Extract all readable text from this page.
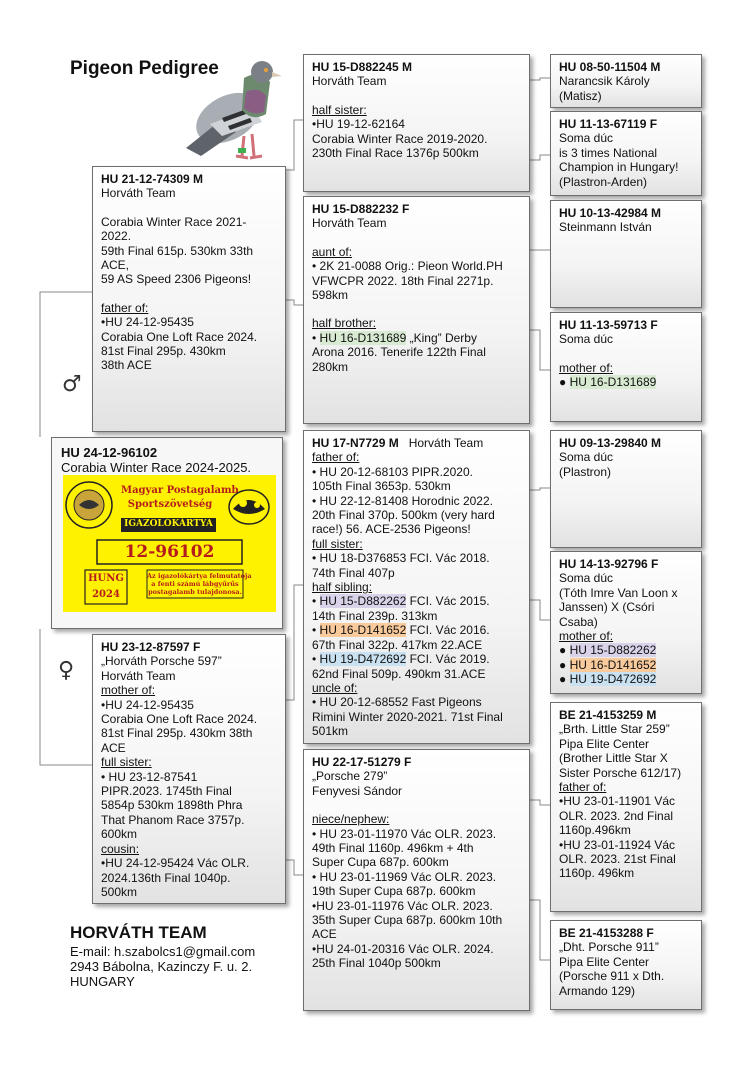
Pigeon Pedigree
HU 21-12-74309 M
Horváth Team
Corabia Winter Race 2021-
2022.
59th Final 615p. 530km 33th
ACE,
59 AS Speed 2306 Pigeons!
father of:
•HU 24-12-95435
Corabia One Loft Race 2024.
81st Final 295p. 430km
38th ACE
♂
HU 24-12-96102
Corabia Winter Race 2024-2025.
Magyar Postagalamb
Sportszövetség
IGAZOLÓKÁRTYA
12-96102
HUNG
2024
Az igazolókártya felmutatója
a fenti számú lábgyűrűs
postagalamb tulajdonosa.
♀
HU 23-12-87597 F
„Horváth Porsche 597”
Horváth Team
mother of:
•HU 24-12-95435
Corabia One Loft Race 2024.
81st Final 295p. 430km 38th
ACE
full sister:
• HU 23-12-87541
PIPR.2023. 1745th Final
5854p 530km 1898th Phra
That Phanom Race 3757p.
600km
cousin:
•HU 24-12-95424 Vác OLR.
2024.136th Final 1040p.
500km
HU 15-D882245 M
Horváth Team
half sister:
•HU 19-12-62164
Corabia Winter Race 2019-2020.
230th Final Race 1376p 500km
HU 15-D882232 F
Horváth Team
aunt of:
• 2K 21-0088 Orig.: Pieon World.PH
VFWCPR 2022. 18th Final 2271p.
598km
half brother:
• HU 16-D131689 „King” Derby
Arona 2016. Tenerife 122th Final
280km
HU 17-N7729 M Horváth Team
father of:
• HU 20-12-68103 PIPR.2020.
105th Final 3653p. 530km
• HU 22-12-81408 Horodnic 2022.
20th Final 370p. 500km (very hard
race!) 56. ACE-2536 Pigeons!
full sister:
• HU 18-D376853 FCI. Vác 2018.
74th Final 407p
half sibling:
• HU 15-D882262 FCI. Vác 2015.
14th Final 239p. 313km
• HU 16-D141652 FCI. Vác 2016.
67th Final 322p. 417km 22.ACE
• HU 19-D472692 FCI. Vác 2019.
62nd Final 509p. 490km 31.ACE
uncle of:
• HU 20-12-68552 Fast Pigeons
Rimini Winter 2020-2021. 71st Final
501km
HU 22-17-51279 F
„Porsche 279”
Fenyvesi Sándor
niece/nephew:
• HU 23-01-11970 Vác OLR. 2023.
49th Final 1160p. 496km + 4th
Super Cupa 687p. 600km
• HU 23-01-11969 Vác OLR. 2023.
19th Super Cupa 687p. 600km
•HU 23-01-11976 Vác OLR. 2023.
35th Super Cupa 687p. 600km 10th
ACE
•HU 24-01-20316 Vác OLR. 2024.
25th Final 1040p 500km
HU 08-50-11504 M
Narancsik Károly
(Matisz)
HU 11-13-67119 F
Soma dúc
is 3 times National
Champion in Hungary!
(Plastron-Arden)
HU 10-13-42984 M
Steinmann István
HU 11-13-59713 F
Soma dúc
mother of:
● HU 16-D131689
HU 09-13-29840 M
Soma dúc
(Plastron)
HU 14-13-92796 F
Soma dúc
(Tóth Imre Van Loon x
Janssen) X (Csóri
Csaba)
mother of:
● HU 15-D882262
● HU 16-D141652
● HU 19-D472692
BE 21-4153259 M
„Brth. Little Star 259”
Pipa Elite Center
(Brother Little Star X
Sister Porsche 612/17)
father of:
•HU 23-01-11901 Vác
OLR. 2023. 2nd Final
1160p.496km
•HU 23-01-11924 Vác
OLR. 2023. 21st Final
1160p. 496km
BE 21-4153288 F
„Dht. Porsche 911”
Pipa Elite Center
(Porsche 911 x Dth.
Armando 129)
HORVÁTH TEAM
E-mail: h.szabolcs1@gmail.com
2943 Bábolna, Kazinczy F. u. 2.
HUNGARY
